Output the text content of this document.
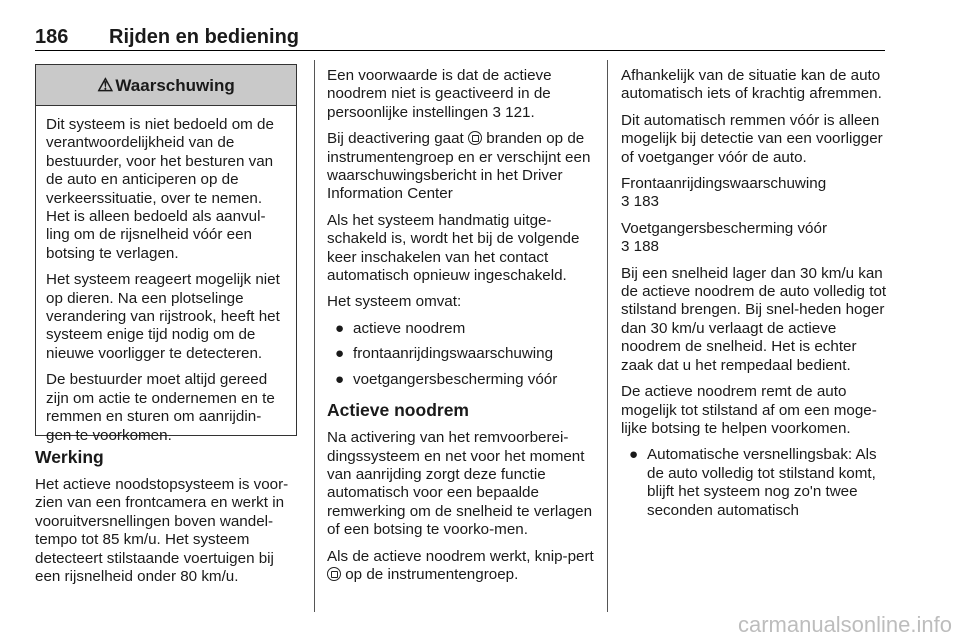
186 Rijden en bediening
⚠ Waarschuwing

Dit systeem is niet bedoeld om de verantwoordelijkheid van de bestuurder, voor het besturen van de auto en anticiperen op de verkeerssituatie, over te nemen. Het is alleen bedoeld als aanvul-ling om de rijsnelheid vóór een botsing te verlagen.

Het systeem reageert mogelijk niet op dieren. Na een plotselinge verandering van rijstrook, heeft het systeem enige tijd nodig om de nieuwe voorligger te detecteren.

De bestuurder moet altijd gereed zijn om actie te ondernemen en te remmen en sturen om aanrijdin-gen te voorkomen.

Werking

Het actieve noodstopsysteem is voor-zien van een frontcamera en werkt in vooruitversnellingen boven wandel-tempo tot 85 km/u. Het systeem detecteert stilstaande voertuigen bij een rijsnelheid onder 80 km/u.

Een voorwaarde is dat de actieve noodrem niet is geactiveerd in de persoonlijke instellingen 3 121.

Bij deactivering gaat branden op de instrumentengroep en er verschijnt een waarschuwingsbericht in het Driver Information Center

Als het systeem handmatig uitge-schakeld is, wordt het bij de volgende keer inschakelen van het contact automatisch opnieuw ingeschakeld.

Het systeem omvat:

● actieve noodrem
● frontaanrijdingswaarschuwing
● voetgangersbescherming vóór
Actieve noodrem

Na activering van het remvoorberei-dingssysteem en net voor het moment van aanrijding zorgt deze functie automatisch voor een bepaalde remwerking om de snelheid te verlagen of een botsing te voorko-men.

Als de actieve noodrem werkt, knip-pert  op de instrumentengroep.

Afhankelijk van de situatie kan de auto automatisch iets of krachtig afremmen.

Dit automatisch remmen vóór is alleen mogelijk bij detectie van een voorligger of voetganger vóór de auto.

Frontaanrijdingswaarschuwing
3 183

Voetgangersbescherming vóór
3 188

Bij een snelheid lager dan 30 km/u kan de actieve noodrem de auto volledig tot stilstand brengen. Bij snel-heden hoger dan 30 km/u verlaagt de actieve noodrem de snelheid. Het is echter zaak dat u het rempedaal bedient.

De actieve noodrem remt de auto mogelijk tot stilstand af om een moge-lijke botsing te helpen voorkomen.

● Automatische versnellingsbak: Als de auto volledig tot stilstand komt, blijft het systeem nog zo'n twee seconden automatisch
carmanualsonline.info
